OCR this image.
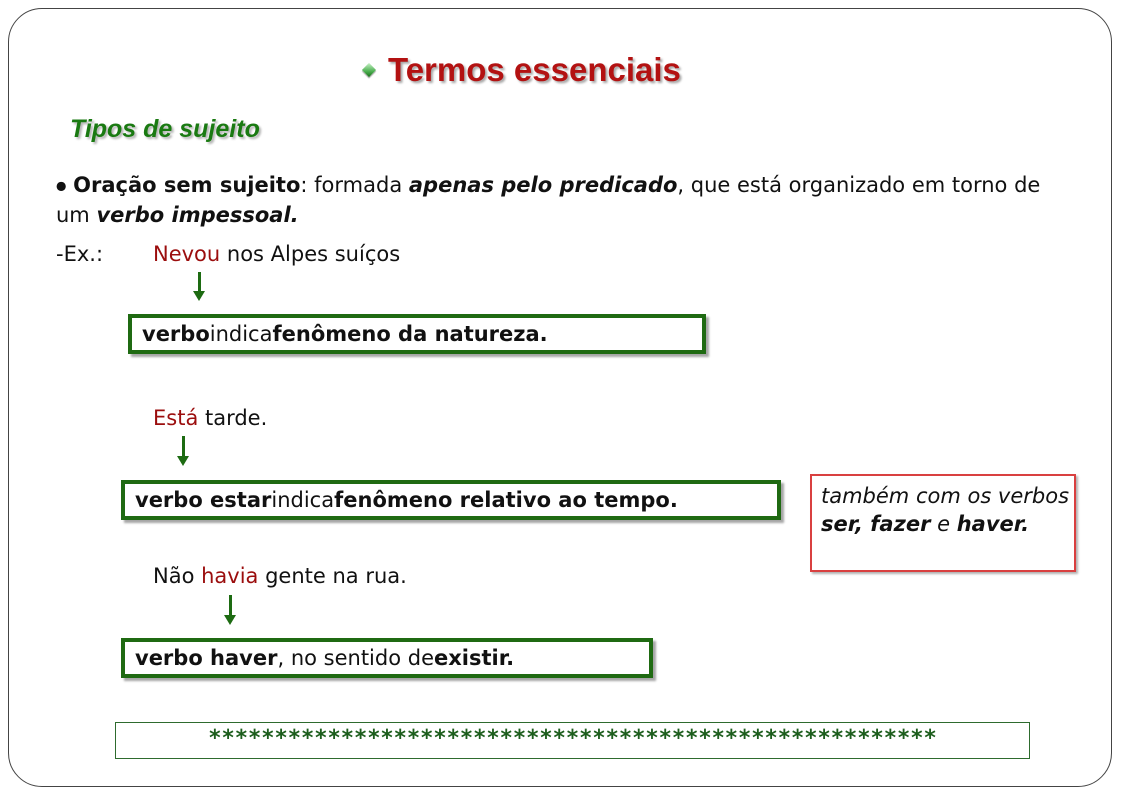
Termos essenciais
Tipos de sujeito
● Oração sem sujeito: formada apenas pelo predicado, que está organizado em torno de um verbo impessoal.
-Ex.: Nevou nos Alpes suíços
verbo indica fenômeno da natureza.
Está tarde.
verbo estar indica fenômeno relativo ao tempo.	também com os verbos ser, fazer e haver.
Não havia gente na rua.
verbo haver , no sentido de existir.
*******************************************************
